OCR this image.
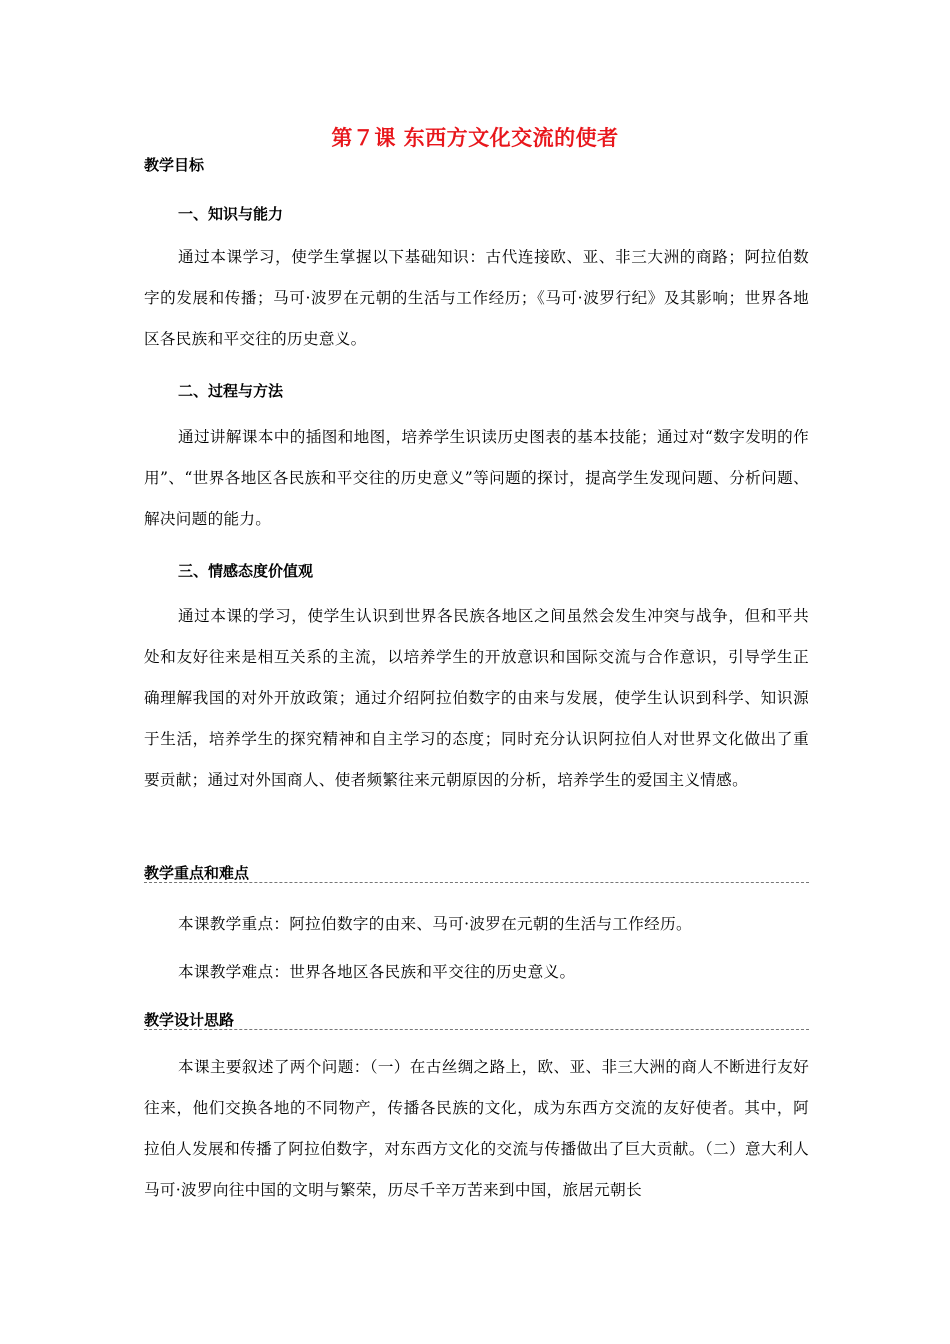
第７课 东西方文化交流的使者
教学目标
一、知识与能力
通过本课学习，使学生掌握以下基础知识：古代连接欧、亚、非三大洲的商路；阿拉伯数字的发展和传播；马可·波罗在元朝的生活与工作经历；《马可·波罗行纪》及其影响；世界各地区各民族和平交往的历史意义。
二、过程与方法
通过讲解课本中的插图和地图，培养学生识读历史图表的基本技能；通过对“数字发明的作用”、“世界各地区各民族和平交往的历史意义”等问题的探讨，提高学生发现问题、分析问题、解决问题的能力。
三、情感态度价值观
通过本课的学习，使学生认识到世界各民族各地区之间虽然会发生冲突与战争，但和平共处和友好往来是相互关系的主流，以培养学生的开放意识和国际交流与合作意识，引导学生正确理解我国的对外开放政策；通过介绍阿拉伯数字的由来与发展，使学生认识到科学、知识源于生活，培养学生的探究精神和自主学习的态度；同时充分认识阿拉伯人对世界文化做出了重要贡献；通过对外国商人、使者频繁往来元朝原因的分析，培养学生的爱国主义情感。
教学重点和难点
本课教学重点：阿拉伯数字的由来、马可·波罗在元朝的生活与工作经历。
本课教学难点：世界各地区各民族和平交往的历史意义。
教学设计思路
本课主要叙述了两个问题：（一）在古丝绸之路上，欧、亚、非三大洲的商人不断进行友好往来，他们交换各地的不同物产，传播各民族的文化，成为东西方交流的友好使者。其中，阿拉伯人发展和传播了阿拉伯数字，对东西方文化的交流与传播做出了巨大贡献。（二）意大利人马可·波罗向往中国的文明与繁荣，历尽千辛万苦来到中国，旅居元朝长
